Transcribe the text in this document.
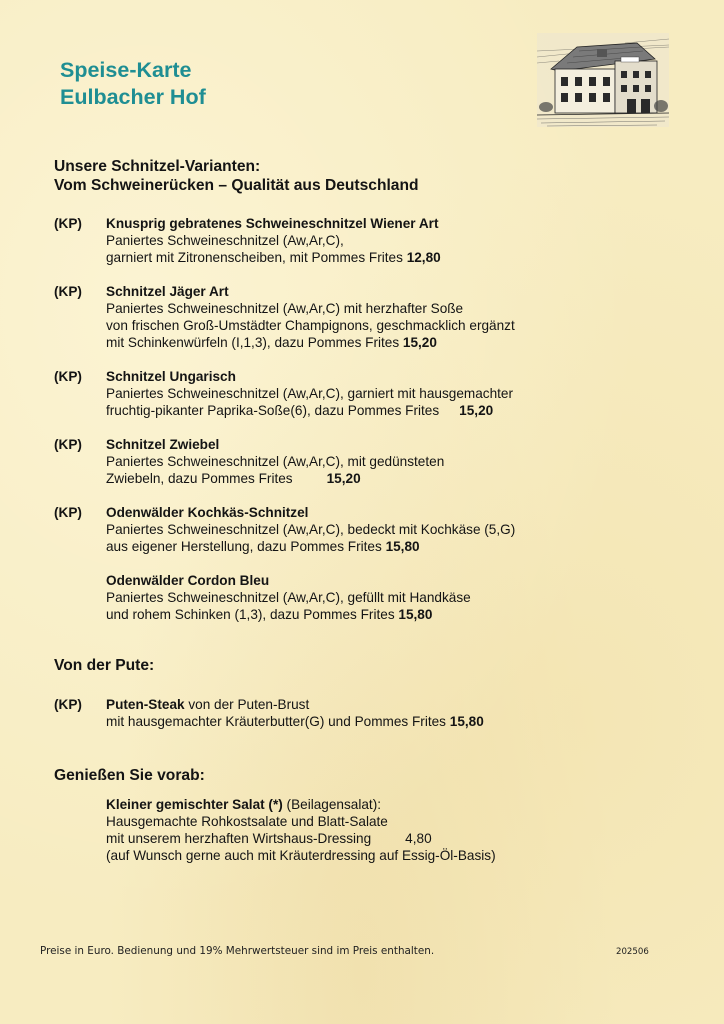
Speise-Karte
Eulbacher Hof
Unsere Schnitzel-Varianten:
Vom Schweinerücken – Qualität aus Deutschland
(KP)	Knusprig gebratenes Schweineschnitzel Wiener Art
Paniertes Schweineschnitzel (Aw,Ar,C),
garniert mit Zitronenscheiben, mit Pommes Frites 12,80
(KP)	Schnitzel Jäger Art
Paniertes Schweineschnitzel (Aw,Ar,C) mit herzhafter Soße
von frischen Groß-Umstädter Champignons, geschmacklich ergänzt
mit Schinkenwürfeln (I,1,3), dazu Pommes Frites 15,20
(KP)	Schnitzel Ungarisch
Paniertes Schweineschnitzel (Aw,Ar,C), garniert mit hausgemachter
fruchtig-pikanter Paprika-Soße(6), dazu Pommes Frites 15,20
(KP)	Schnitzel Zwiebel
Paniertes Schweineschnitzel (Aw,Ar,C), mit gedünsteten
Zwiebeln, dazu Pommes Frites	15,20
(KP)	Odenwälder Kochkäs-Schnitzel
Paniertes Schweineschnitzel (Aw,Ar,C), bedeckt mit Kochkäse (5,G)
aus eigener Herstellung, dazu Pommes Frites 15,80
Odenwälder Cordon Bleu
Paniertes Schweineschnitzel (Aw,Ar,C), gefüllt mit Handkäse
und rohem Schinken (1,3), dazu Pommes Frites 15,80
Von der Pute:
(KP)	Puten-Steak von der Puten-Brust
mit hausgemachter Kräuterbutter(G) und Pommes Frites 15,80
Genießen Sie vorab:
Kleiner gemischter Salat (*) (Beilagensalat):
Hausgemachte Rohkostsalate und Blatt-Salate
mit unserem herzhaften Wirtshaus-Dressing	4,80
(auf Wunsch gerne auch mit Kräuterdressing auf Essig-Öl-Basis)
Preise in Euro. Bedienung und 19% Mehrwertsteuer sind im Preis enthalten.	202506
